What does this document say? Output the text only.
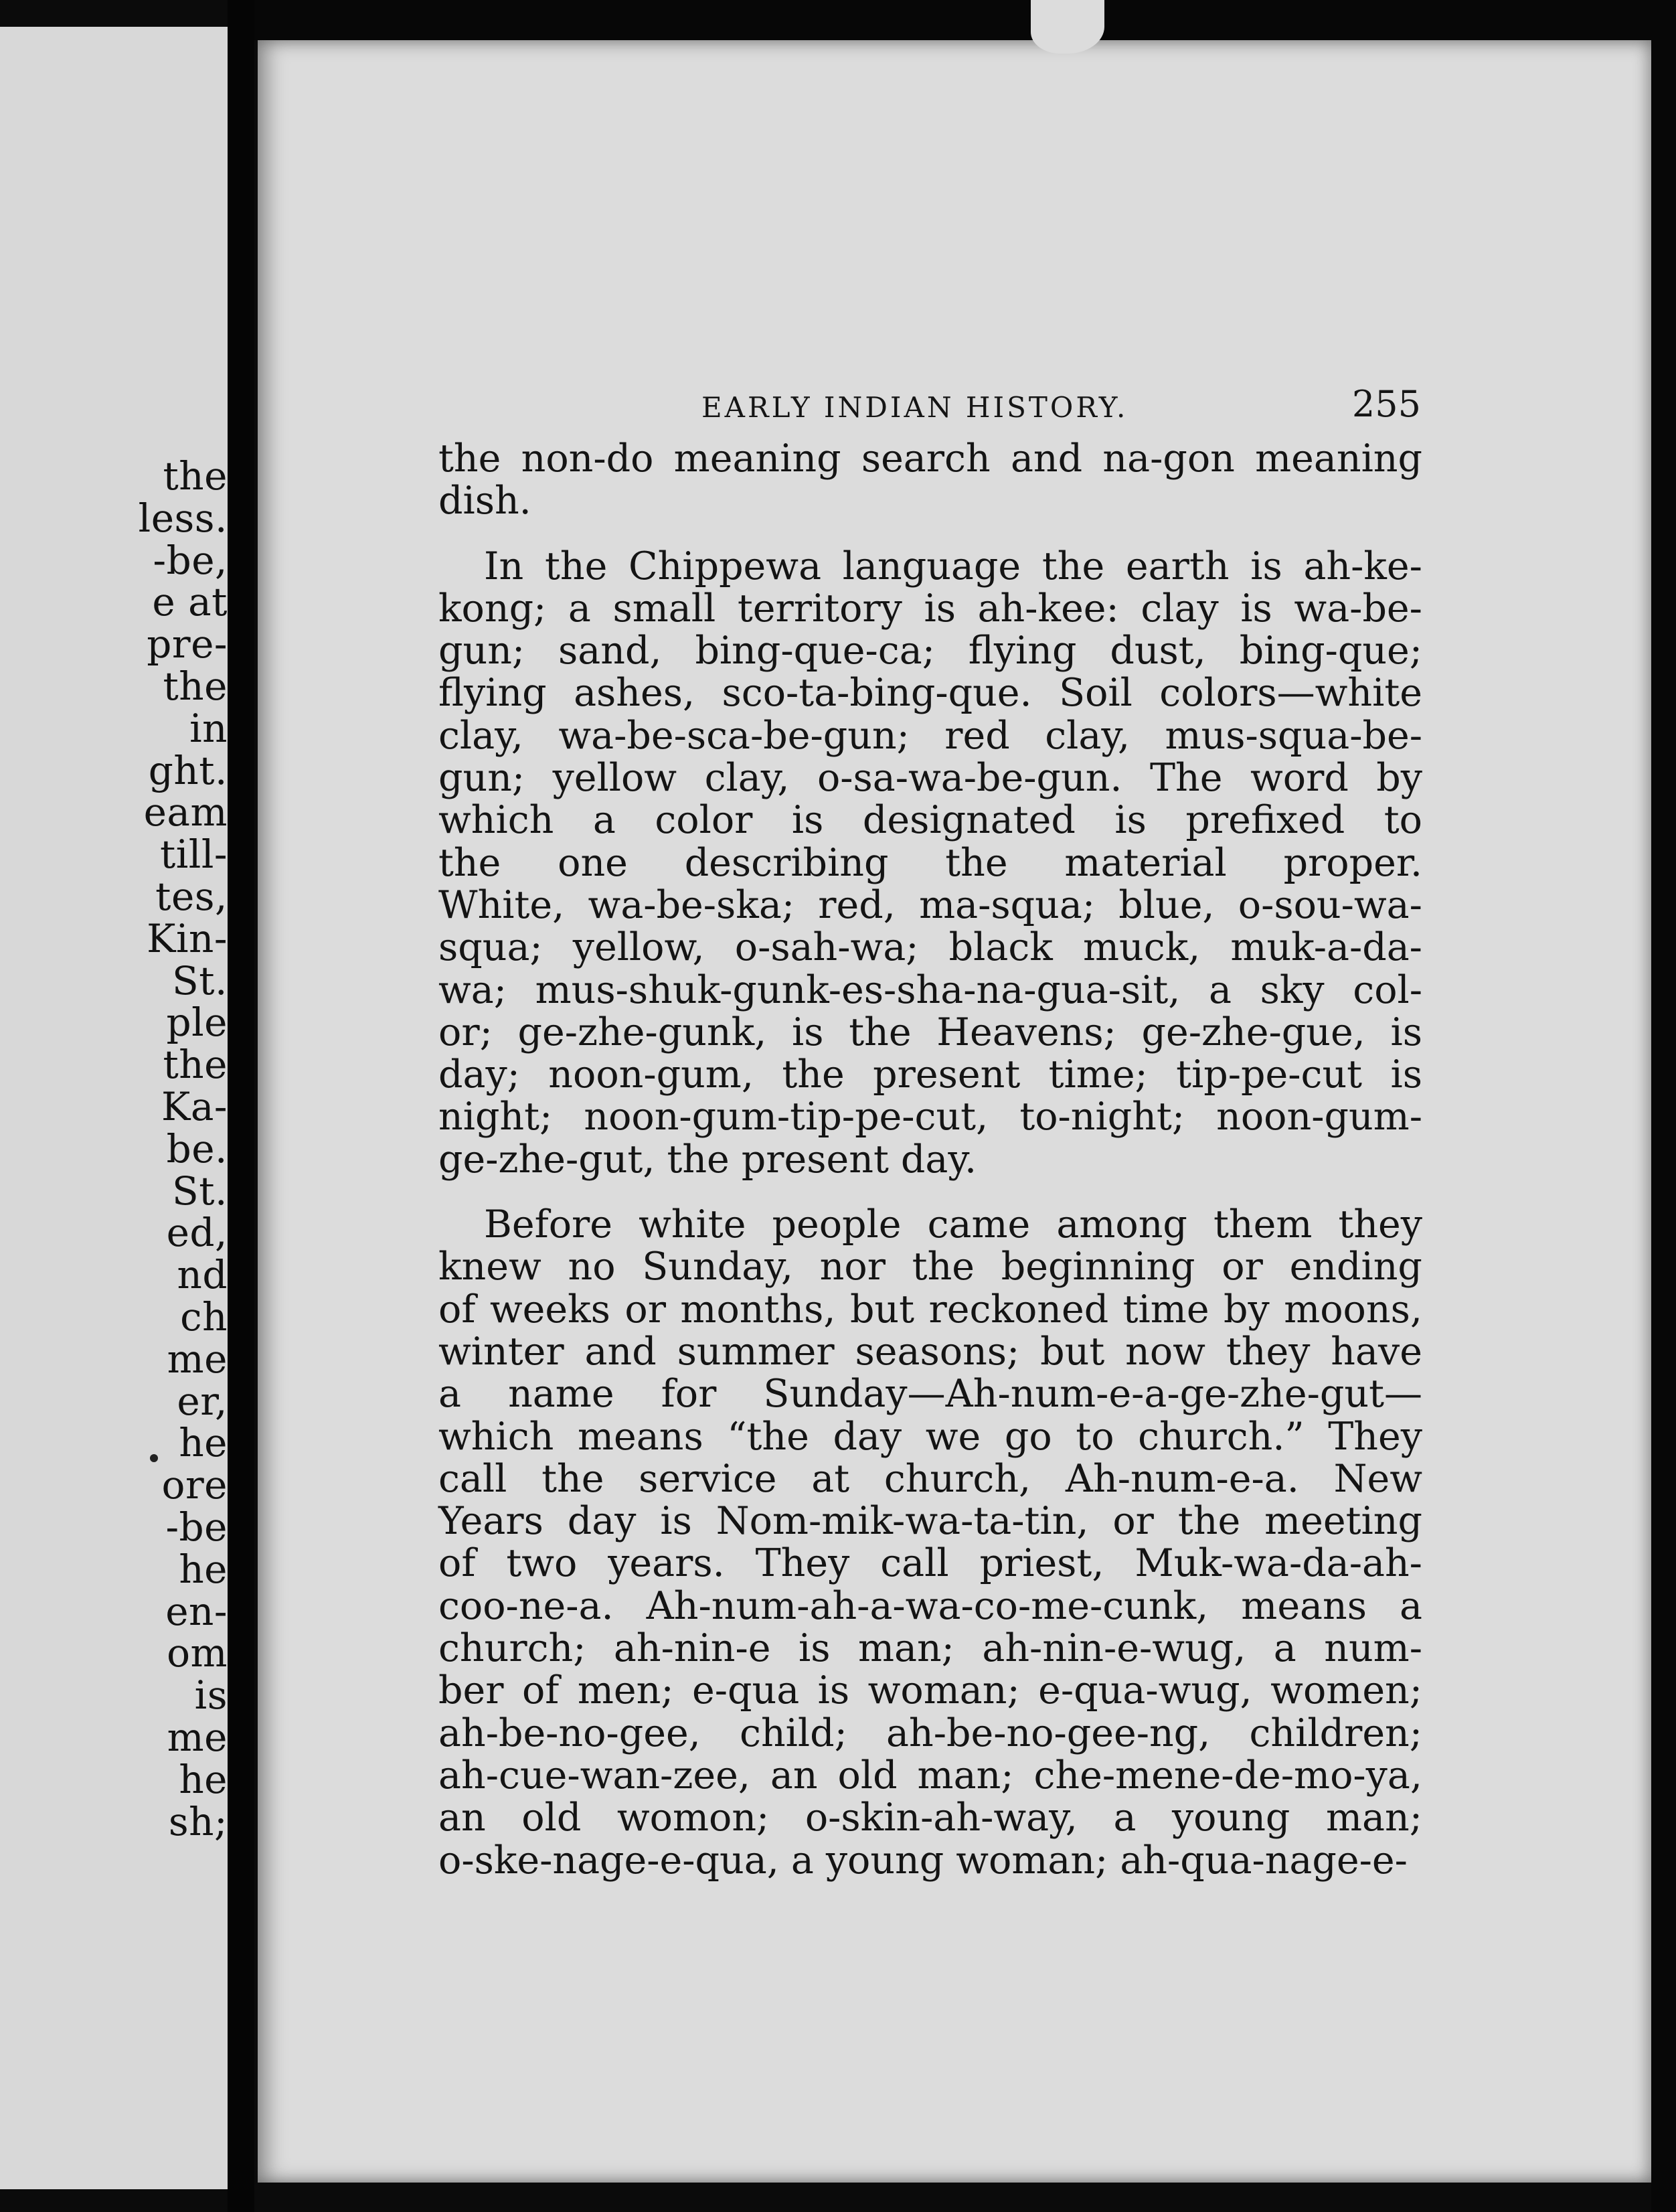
the
less.
-be,
e at
pre-
the
in
ght.
eam
till-
tes,
Kin-
St.
ple
the
Ka-
be.
St.
ed,
nd
ch
me
er,
he
ore
-be
he
en-
om
is
me
he
sh;
EARLY INDIAN HISTORY.	255
the non-do meaning search and na-gon meaning
dish.
In the Chippewa language the earth is ah-ke-
kong; a small territory is ah-kee: clay is wa-be-
gun; sand, bing-que-ca; flying dust, bing-que;
flying ashes, sco-ta-bing-que. Soil colors—white
clay, wa-be-sca-be-gun; red clay, mus-squa-be-
gun; yellow clay, o-sa-wa-be-gun. The word by
which a color is designated is prefixed to
the one describing the material proper.
White, wa-be-ska; red, ma-squa; blue, o-sou-wa-
squa; yellow, o-sah-wa; black muck, muk-a-da-
wa; mus-shuk-gunk-es-sha-na-gua-sit, a sky col-
or; ge-zhe-gunk, is the Heavens; ge-zhe-gue, is
day; noon-gum, the present time; tip-pe-cut is
night; noon-gum-tip-pe-cut, to-night; noon-gum-
ge-zhe-gut, the present day.
Before white people came among them they
knew no Sunday, nor the beginning or ending
of weeks or months, but reckoned time by moons,
winter and summer seasons; but now they have
a name for Sunday—Ah-num-e-a-ge-zhe-gut—
which means “the day we go to church.” They
call the service at church, Ah-num-e-a. New
Years day is Nom-mik-wa-ta-tin, or the meeting
of two years. They call priest, Muk-wa-da-ah-
coo-ne-a. Ah-num-ah-a-wa-co-me-cunk, means a
church; ah-nin-e is man; ah-nin-e-wug, a num-
ber of men; e-qua is woman; e-qua-wug, women;
ah-be-no-gee, child; ah-be-no-gee-ng, children;
ah-cue-wan-zee, an old man; che-mene-de-mo-ya,
an old womon; o-skin-ah-way, a young man;
o-ske-nage-e-qua, a young woman; ah-qua-nage-e-
